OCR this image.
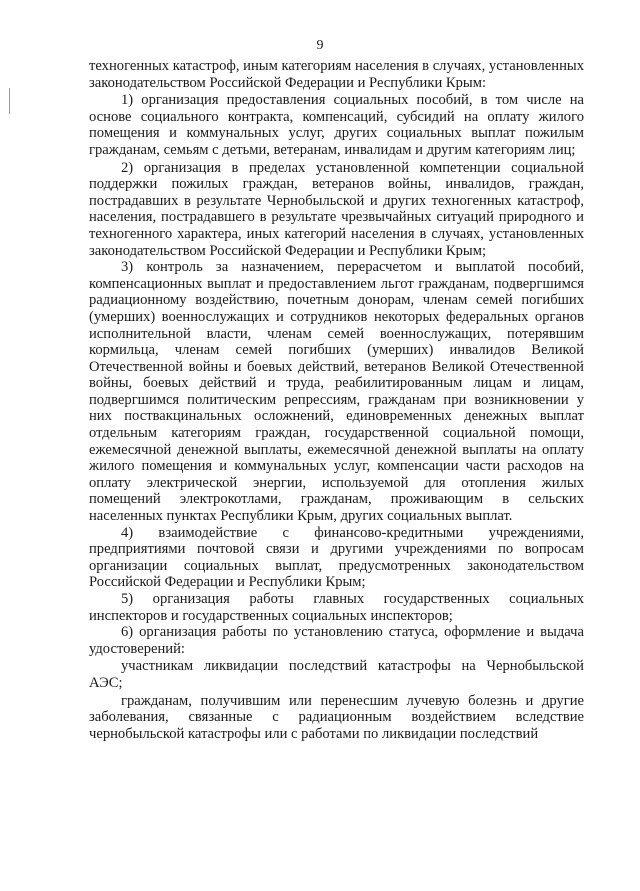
9

техногенных катастроф, иным категориям населения в случаях, установленных законодательством Российской Федерации и Республики Крым:

1) организация предоставления социальных пособий, в том числе на основе социального контракта, компенсаций, субсидий на оплату жилого помещения и коммунальных услуг, других социальных выплат пожилым гражданам, семьям с детьми, ветеранам, инвалидам и другим категориям лиц;

2) организация в пределах установленной компетенции социальной поддержки пожилых граждан, ветеранов войны, инвалидов, граждан, пострадавших в результате Чернобыльской и других техногенных катастроф, населения, пострадавшего в результате чрезвычайных ситуаций природного и техногенного характера, иных категорий населения в случаях, установленных законодательством Российской Федерации и Республики Крым;

3) контроль за назначением, перерасчетом и выплатой пособий, компенсационных выплат и предоставлением льгот гражданам, подвергшимся радиационному воздействию, почетным донорам, членам семей погибших (умерших) военнослужащих и сотрудников некоторых федеральных органов исполнительной власти, членам семей военнослужащих, потерявшим кормильца, членам семей погибших (умерших) инвалидов Великой Отечественной войны и боевых действий, ветеранов Великой Отечественной войны, боевых действий и труда, реабилитированным лицам и лицам, подвергшимся политическим репрессиям, гражданам при возникновении у них поствакцинальных осложнений, единовременных денежных выплат отдельным категориям граждан, государственной социальной помощи, ежемесячной денежной выплаты, ежемесячной денежной выплаты на оплату жилого помещения и коммунальных услуг, компенсации части расходов на оплату электрической энергии, используемой для отопления жилых помещений электрокотлами, гражданам, проживающим в сельских населенных пунктах Республики Крым, других социальных выплат.

4) взаимодействие с финансово-кредитными учреждениями, предприятиями почтовой связи и другими учреждениями по вопросам организации социальных выплат, предусмотренных законодательством Российской Федерации и Республики Крым;

5) организация работы главных государственных социальных инспекторов и государственных социальных инспекторов;

6) организация работы по установлению статуса, оформление и выдача удостоверений:

участникам ликвидации последствий катастрофы на Чернобыльской АЭС;

гражданам, получившим или перенесшим лучевую болезнь и другие заболевания, связанные с радиационным воздействием вследствие чернобыльской катастрофы или с работами по ликвидации последствий
